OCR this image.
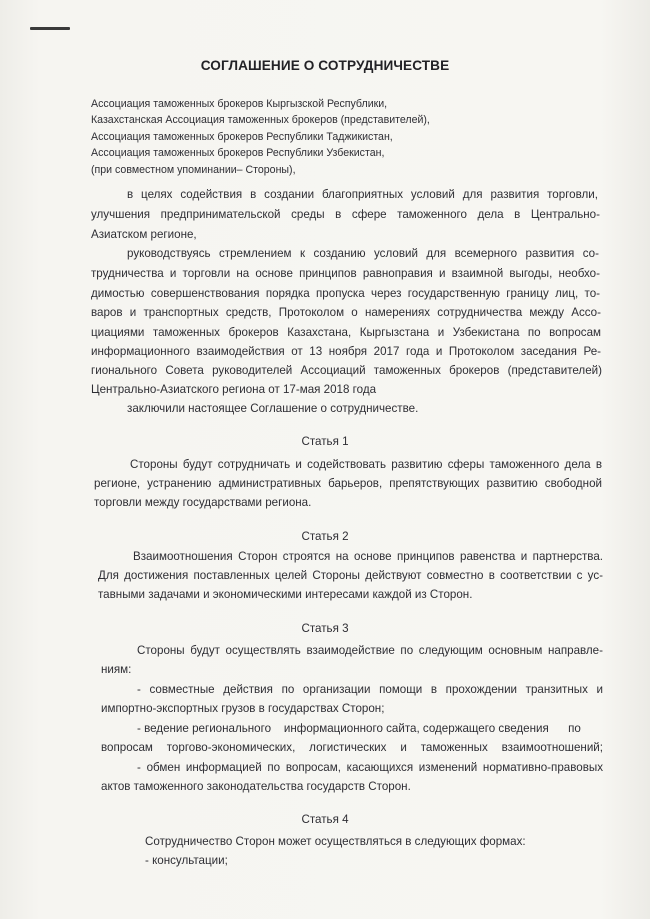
СОГЛАШЕНИЕ О СОТРУДНИЧЕСТВЕ
Ассоциация таможенных брокеров Кыргызской Республики,
Казахстанская Ассоциация таможенных брокеров (представителей),
Ассоциация таможенных брокеров Республики Таджикистан,
Ассоциация таможенных брокеров Республики Узбекистан,
(при совместном упоминании– Стороны),
в целях содействия в создании благоприятных условий для развития торговли,
улучшения предпринимательской среды в сфере таможенного дела в Центрально-
Азиатском регионе,
руководствуясь стремлением к созданию условий для всемерного развития со-
трудничества и торговли на основе принципов равноправия и взаимной выгоды, необхо-
димостью совершенствования порядка пропуска через государственную границу лиц, то-
варов и транспортных средств, Протоколом о намерениях сотрудничества между Ассо-
циациями таможенных брокеров Казахстана, Кыргызстана и Узбекистана по вопросам
информационного взаимодействия от 13 ноября 2017 года и Протоколом заседания Ре-
гионального Совета руководителей Ассоциаций таможенных брокеров (представителей)
Центрально-Азиатского региона от 17-мая 2018 года
заключили настоящее Соглашение о сотрудничестве.
Статья 1
Стороны будут сотрудничать и содействовать развитию сферы таможенного дела в
регионе, устранению административных барьеров, препятствующих развитию свободной
торговли между государствами региона.
Статья 2
Взаимоотношения Сторон строятся на основе принципов равенства и партнерства.
Для достижения поставленных целей Стороны действуют совместно в соответствии с ус-
тавными задачами и экономическими интересами каждой из Сторон.
Статья 3
Стороны будут осуществлять взаимодействие по следующим основным направле-
ниям:
- совместные действия по организации помощи в прохождении транзитных и
импортно-экспортных грузов в государствах Сторон;
- ведение регионального    информационного сайта, содержащего сведения      по
вопросам торгово-экономических, логистических и таможенных взаимоотношений;
- обмен информацией по вопросам, касающихся изменений нормативно-правовых
актов таможенного законодательства государств Сторон.
Статья 4
Сотрудничество Сторон может осуществляться в следующих формах:
- консультации;
